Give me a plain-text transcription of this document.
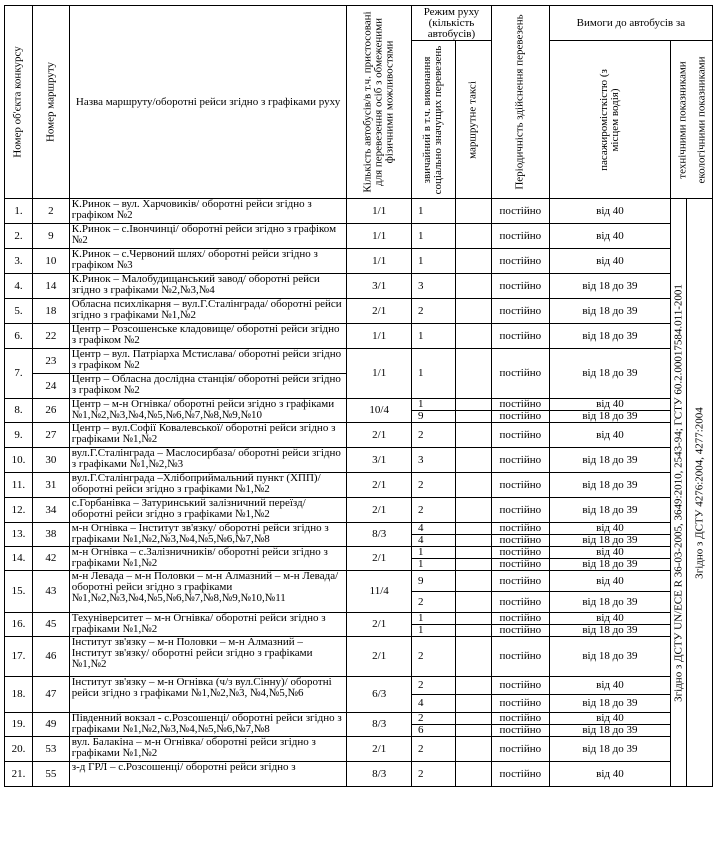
Номер об'єкта конкурсу	Номер маршруту	Назва маршруту/оборотні рейси згідно з графіками руху	Кількість автобусів/в т.ч. пристосовані для перевезення осіб з обмеженими фізичними можливостями	Режим руху (кількість автобусів)		Періодичність здійснення перевезень	Вимоги до автобусів за		

				звичайний в т.ч. виконання соціально значущих перевезень	маршрутне таксі		пасажиромісткістю (з місцем водія)	технічними показниками екологічними показниками	

1.	2	К.Ринок – вул. Харчовиків/ оборотні рейси згідно з графіком №2	1/1	1		постійно	від 40	Згідно з ДСТУ UN/ECE R 36-03-2005, 3649:2010, 2543-94; ГСТУ 60.2.00017584.011-2001	Згідно з ДСТУ 4276:2004, 4277:2004

2.	9	К.Ринок – с.Івончинці/ оборотні рейси згідно з графіком №2	1/1	1		постійно	від 40		
3.	10	К.Ринок – с.Червоний шлях/ оборотні рейси згідно з графіком №3	1/1	1		постійно	від 40		
4.	14	К.Ринок – Малобудищанський завод/ оборотні рейси згідно з графіками №2,№3,№4	3/1	3		постійно	від 18 до 39		
5.	18	Обласна психлікарня – вул.Г.Сталінграда/ оборотні рейси згідно з графіками №1,№2	2/1	2		постійно	від 18 до 39		
6.	22	Центр – Розсошенське кладовище/ оборотні рейси згідно з графіком №2	1/1	1		постійно	від 18 до 39		
7.	23	Центр – вул. Патріарха Мстислава/ оборотні рейси згідно з графіком №2	1/1	1		постійно	від 18 до 39		
	24	Центр – Обласна дослідна станція/ оборотні рейси згідно з графіком №2							
8.	26	Центр – м-н Огнівка/ оборотні рейси згідно з графіками №1,№2,№3,№4,№5,№6,№7,№8,№9,№10	10/4	1		постійно	від 40		
				9		постійно	від 18 до 39		
9.	27	Центр – вул.Софії Ковалевської/ оборотні рейси згідно з графіками №1,№2	2/1	2		постійно	від 40		
10.	30	вул.Г.Сталінграда – Маслосирбаза/ оборотні рейси згідно з графіками №1,№2,№3	3/1	3		постійно	від 18 до 39		
11.	31	вул.Г.Сталінграда –Хлібоприймальний пункт (ХПП)/ оборотні рейси згідно з графіками №1,№2	2/1	2		постійно	від 18 до 39		
12.	34	с.Горбанівка – Затуринський залізничний переїзд/ оборотні рейси згідно з графіками №1,№2	2/1	2		постійно	від 18 до 39		
13.	38	м-н Огнівка – Інститут зв'язку/ оборотні рейси згідно з графіками №1,№2,№3,№4,№5,№6,№7,№8	8/3	4		постійно	від 40		
				4		постійно	від 18 до 39		
14.	42	м-н Огнівка – с.Залізничників/ оборотні рейси згідно з графіками №1,№2	2/1	1		постійно	від 40		
				1		постійно	від 18 до 39		
15.	43	м-н Левада – м-н Половки – м-н Алмазний – м-н Левада/ оборотні рейси згідно з графіками №1,№2,№3,№4,№5,№6,№7,№8,№9,№10,№11	11/4	9		постійно	від 40		
				2		постійно	від 18 до 39		
16.	45	Техуніверситет – м-н Огнівка/ оборотні рейси згідно з графіками №1,№2	2/1	1		постійно	від 40		
				1		постійно	від 18 до 39		
17.	46	Інститут зв'язку – м-н Половки – м-н Алмазний – Інститут зв'язку/ оборотні рейси згідно з графіками №1,№2	2/1	2		постійно	від 18 до 39		
18.	47	Інститут зв'язку – м-н Огнівка (ч/з вул.Сінну)/ оборотні рейси згідно з графіками №1,№2,№3, №4,№5,№6	6/3	2		постійно	від 40		
				4		постійно	від 18 до 39		
19.	49	Південний вокзал - с.Розсошенці/ оборотні рейси згідно з графіками №1,№2,№3,№4,№5,№6,№7,№8	8/3	2		постійно	від 40		
				6		постійно	від 18 до 39		
20.	53	вул. Балакіна – м-н Огнівка/ оборотні рейси згідно з графіками №1,№2	2/1	2		постійно	від 18 до 39		
21.	55	з-д ГРЛ – с.Розсошенці/ оборотні рейси згідно з	8/3	2		постійно	від 40		
